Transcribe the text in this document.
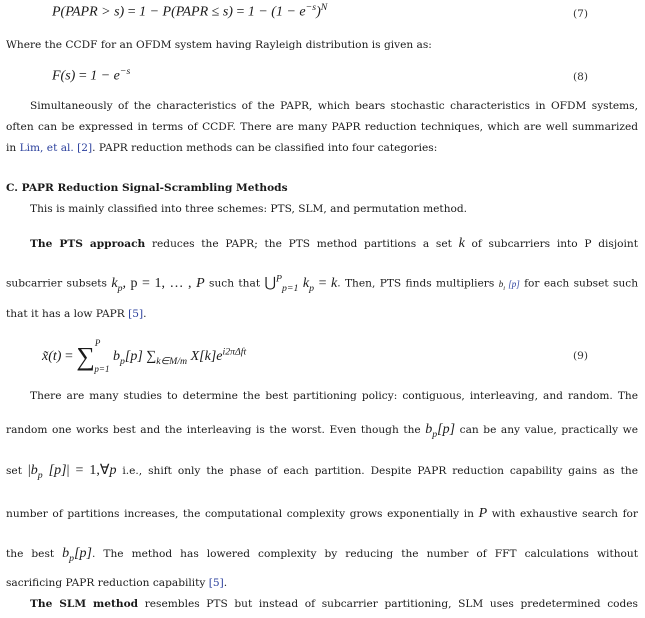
P(PAPR > s) = 1 − P(PAPR ≤ $s) = 1 - (1 - e^{-s})^N$
(7)
Where the CCDF for an OFDM system having Rayleigh distribution is given as:
$F(s) = 1 - e^{-s}$	(8)
Simultaneously of the characteristics of the PAPR, which bears stochastic characteristics in OFDM systems,
often can be expressed in terms of CCDF. There are many PAPR reduction techniques, which are well summarized
in Lim, et al. [2]. PAPR reduction methods can be classified into four categories:
C. PAPR Reduction Signal-Scrambling Methods
This is mainly classified into three schemes: PTS, SLM, and permutation method.
The PTS approach reduces the PAPR; the PTS method partitions a set k of subcarriers into P disjoint
subcarrier subsets $k_p$, p = 1, … , P such that ⋃$^P_{p=1}$ $k_p = k$. Then, PTS finds multipliers $b_i$ [p] for each subset such
that it has a low PAPR [5].
x̃(t) = ∑$^P_{p=1}$ $b_p[p]$ $\sum_{k\in M/m}$ $X[k]e^{i2\pi\Delta ft}$	(9)
There are many studies to determine the best partitioning policy: contiguous, interleaving, and random. The
random one works best and the interleaving is the worst. Even though the $b_p[p]$ can be any value, practically we
set $|b_p$ [p]| = 1,∀p i.e., shift only the phase of each partition. Despite PAPR reduction capability gains as the
number of partitions increases, the computational complexity grows exponentially in P with exhaustive search for
the best $b_p[p]$. The method has lowered complexity by reducing the number of FFT calculations without
sacrificing PAPR reduction capability [5].
The SLM method resembles PTS but instead of subcarrier partitioning, SLM uses predetermined codes
